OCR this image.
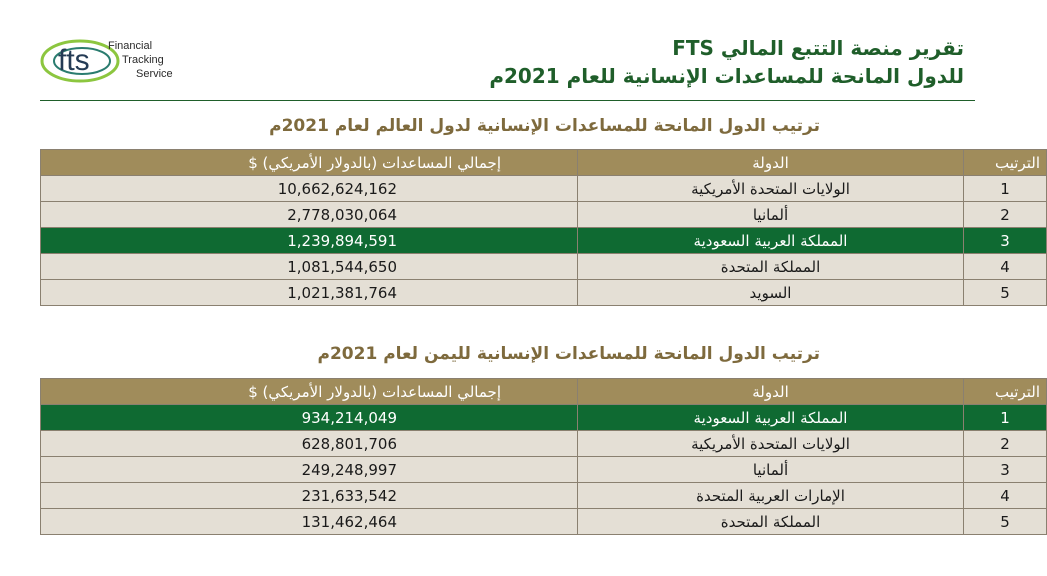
fts Financial
Tracking
Service
تقرير منصة التتبع المالي FTS
للدول المانحة للمساعدات الإنسانية للعام 2021م
ترتيب الدول المانحة للمساعدات الإنسانية لدول العالم لعام 2021م
الترتيب	الدولة	إجمالي المساعدات (بالدولار الأمريكي) $
1	الولايات المتحدة الأمريكية	10,662,624,162
2	ألمانيا	2,778,030,064
3	المملكة العربية السعودية	1,239,894,591
4	المملكة المتحدة	1,081,544,650
5	السويد	1,021,381,764
ترتيب الدول المانحة للمساعدات الإنسانية لليمن لعام 2021م
الترتيب	الدولة	إجمالي المساعدات (بالدولار الأمريكي) $
1	المملكة العربية السعودية	934,214,049
2	الولايات المتحدة الأمريكية	628,801,706
3	ألمانيا	249,248,997
4	الإمارات العربية المتحدة	231,633,542
5	المملكة المتحدة	131,462,464
